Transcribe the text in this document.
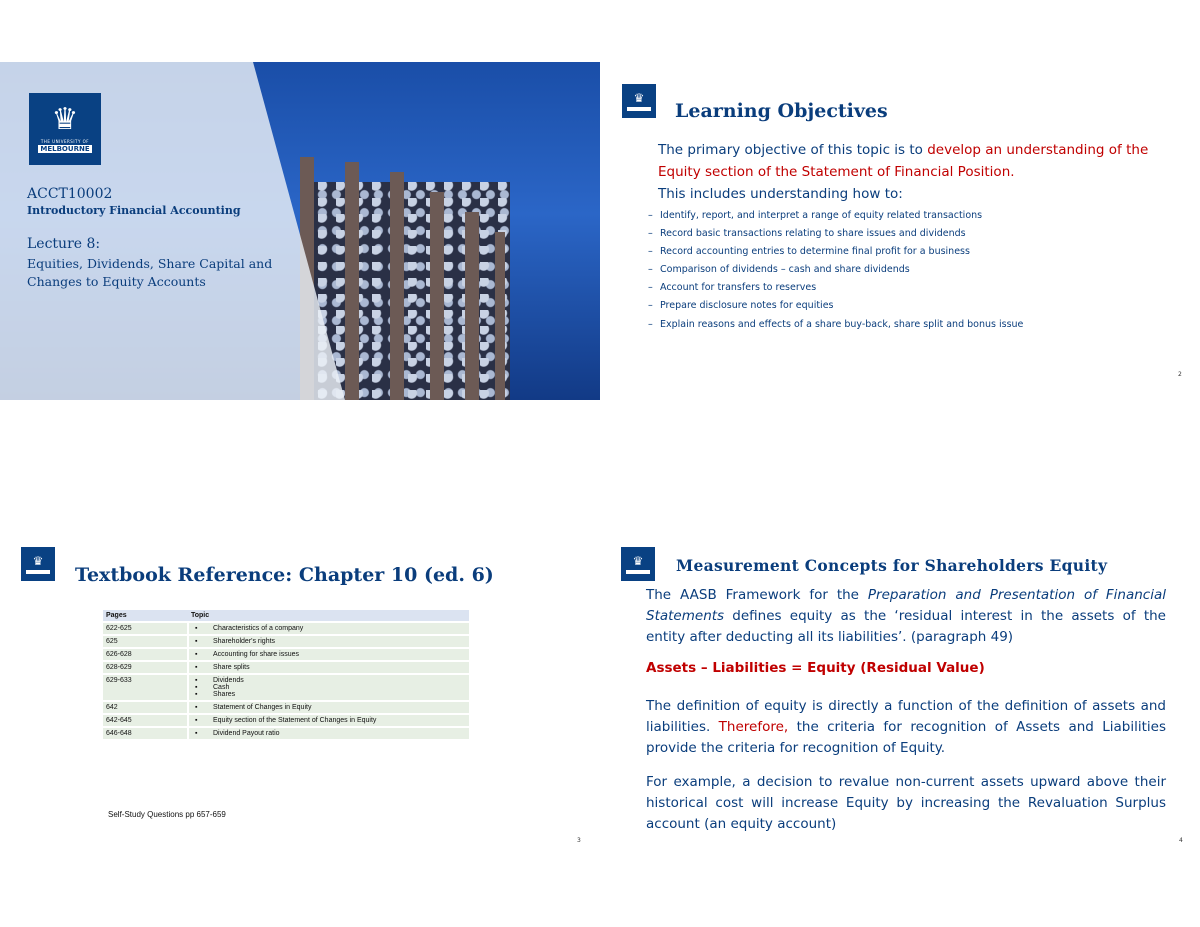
♛
THE UNIVERSITY OF
MELBOURNE
ACCT10002
Introductory Financial Accounting
Lecture 8:
Equities, Dividends, Share Capital and Changes to Equity Accounts
♛
Learning Objectives
The primary objective of this topic is to develop an understanding of the Equity section of the Statement of Financial Position.
This includes understanding how to:
– Identify, report, and interpret a range of equity related transactions
– Record basic transactions relating to share issues and dividends
– Record accounting entries to determine final profit for a business
– Comparison of dividends – cash and share dividends
– Account for transfers to reserves
– Prepare disclosure notes for equities
– Explain reasons and effects of a share buy-back, share split and bonus issue
2
♛
Textbook Reference: Chapter 10 (ed. 6)
Pages	Topic
622-625	▪ Characteristics of a company

625	▪ Shareholder's rights

626-628	▪ Accounting for share issues

628-629	▪ Share splits

629-633	▪ Dividends
▪ Cash
▪ Shares

642	▪ Statement of Changes in Equity

642-645	▪ Equity section of the Statement of Changes in Equity

646-648	▪ Dividend Payout ratio
Self-Study Questions pp 657-659
3
♛ Measurement Concepts for Shareholders Equity
The AASB Framework for the Preparation and Presentation of Financial Statements defines equity as the ‘residual interest in the assets of the entity after deducting all its liabilities’. (paragraph 49)
Assets – Liabilities = Equity (Residual Value)
The definition of equity is directly a function of the definition of assets and liabilities. Therefore, the criteria for recognition of Assets and Liabilities provide the criteria for recognition of Equity.
For example, a decision to revalue non-current assets upward above their historical cost will increase Equity by increasing the Revaluation Surplus account (an equity account)
4
